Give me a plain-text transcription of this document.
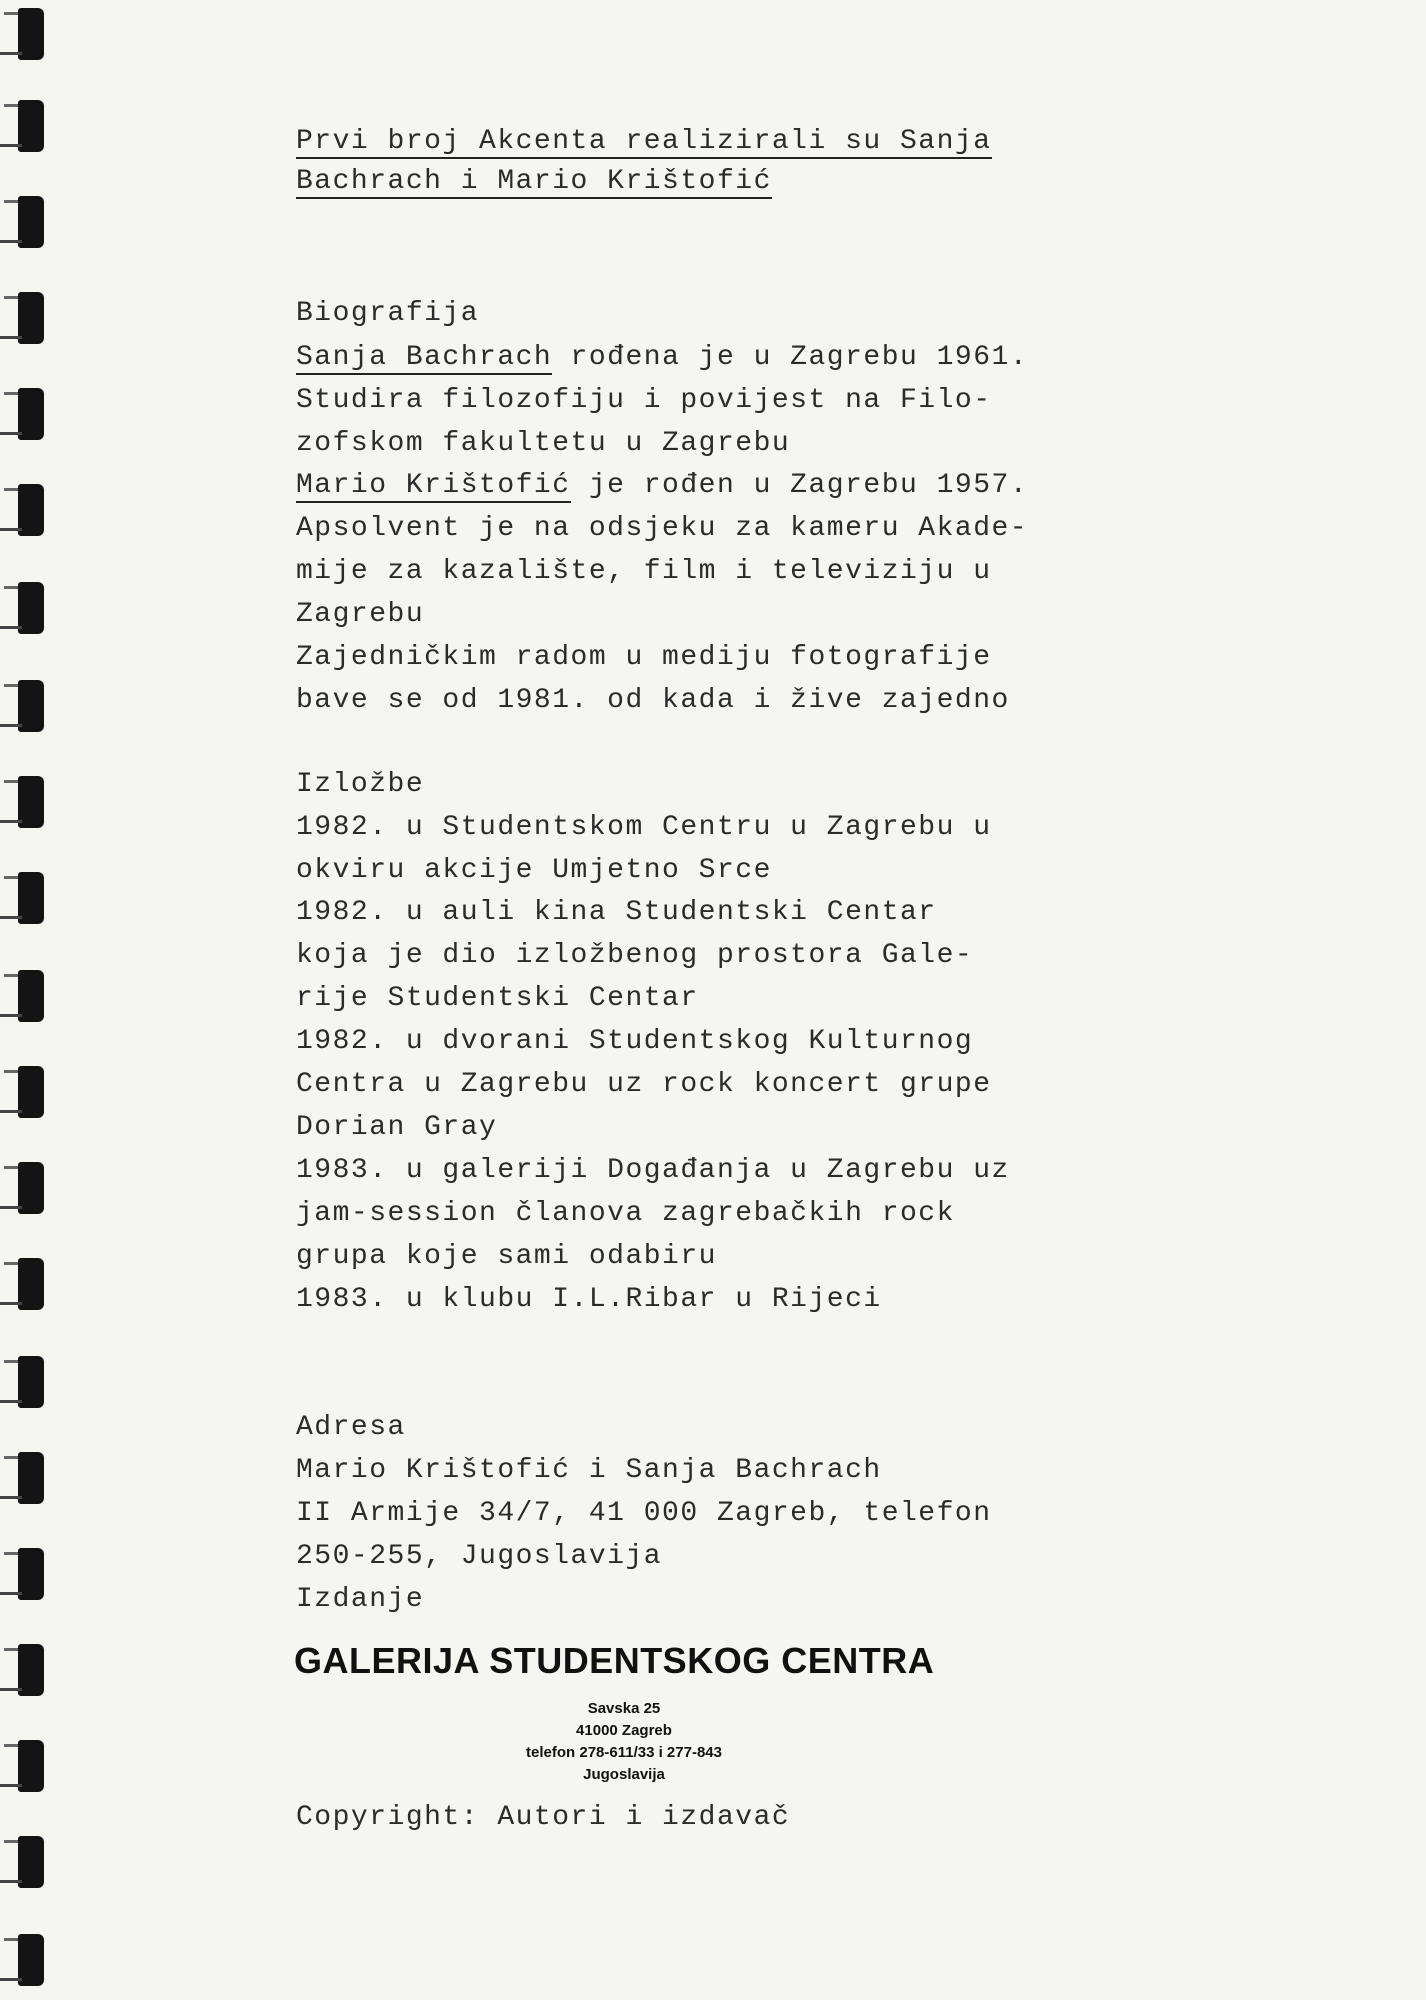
Prvi broj Akcenta realizirali su Sanja
Bachrach i Mario Krištofić
Biografija
Sanja Bachrach rođena je u Zagrebu 1961.
Studira filozofiju i povijest na Filo-
zofskom fakultetu u Zagrebu
Mario Krištofić je rođen u Zagrebu 1957.
Apsolvent je na odsjeku za kameru Akade-
mije za kazalište, film i televiziju u
Zagrebu
Zajedničkim radom u mediju fotografije
bave se od 1981. od kada i žive zajedno
Izložbe
1982. u Studentskom Centru u Zagrebu u
okviru akcije Umjetno Srce
1982. u auli kina Studentski Centar
koja je dio izložbenog prostora Gale-
rije Studentski Centar
1982. u dvorani Studentskog Kulturnog
Centra u Zagrebu uz rock koncert grupe
Dorian Gray
1983. u galeriji Događanja u Zagrebu uz
jam-session članova zagrebačkih rock
grupa koje sami odabiru
1983. u klubu I.L.Ribar u Rijeci
Adresa
Mario Krištofić i Sanja Bachrach
II Armije 34/7, 41 000 Zagreb, telefon
250-255, Jugoslavija
Izdanje
Copyright: Autori i izdavač
GALERIJA STUDENTSKOG CENTRA
Savska 25
41000 Zagreb
telefon 278-611/33 i 277-843
Jugoslavija
